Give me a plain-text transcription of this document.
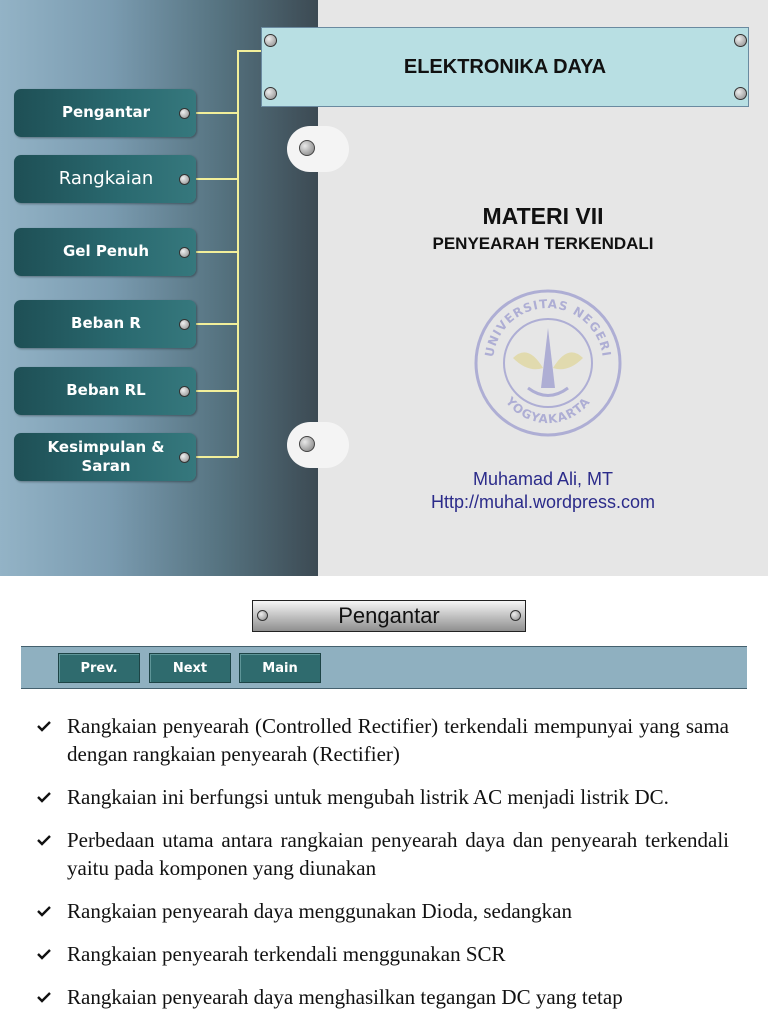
Pengantar
Rangkaian
Gel Penuh
Beban R
Beban RL
Kesimpulan & Saran
ELEKTRONIKA DAYA
MATERI VII
PENYEARAH TERKENDALI
UNIVERSITAS NEGERI
YOGYAKARTA
Muhamad Ali, MT
Http://muhal.wordpress.com
Pengantar
Prev.	Next	Main
Rangkaian penyearah (Controlled Rectifier) terkendali mempunyai yang sama dengan rangkaian penyearah (Rectifier)
Rangkaian ini berfungsi untuk mengubah listrik AC menjadi listrik DC.
Perbedaan utama antara rangkaian penyearah daya dan penyearah terkendali yaitu pada komponen yang diunakan
Rangkaian penyearah daya menggunakan Dioda, sedangkan
Rangkaian penyearah terkendali menggunakan SCR
Rangkaian penyearah daya menghasilkan tegangan DC yang tetap
